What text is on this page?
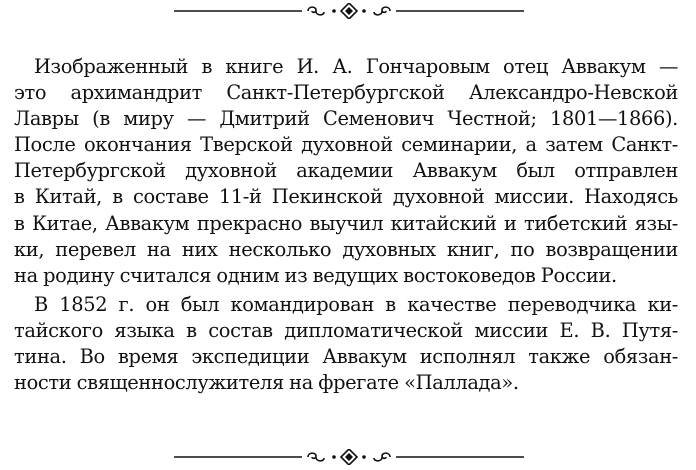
Изображенный в книге И. А. Гончаровым отец Аввакум —
это архимандрит Санкт-Петербургской Александро-Невской
Лавры (в миру — Дмитрий Семенович Честной; 1801—1866).
После окончания Тверской духовной семинарии, а затем Санкт-
Петербургской духовной академии Аввакум был отправлен
в Китай, в составе 11-й Пекинской духовной миссии. Находясь
в Китае, Аввакум прекрасно выучил китайский и тибетский язы-
ки, перевел на них несколько духовных книг, по возвращении
на родину считался одним из ведущих востоковедов России.
В 1852 г. он был командирован в качестве переводчика ки-
тайского языка в состав дипломатической миссии Е. В. Путя-
тина. Во время экспедиции Аввакум исполнял также обязан-
ности священнослужителя на фрегате «Паллада».
